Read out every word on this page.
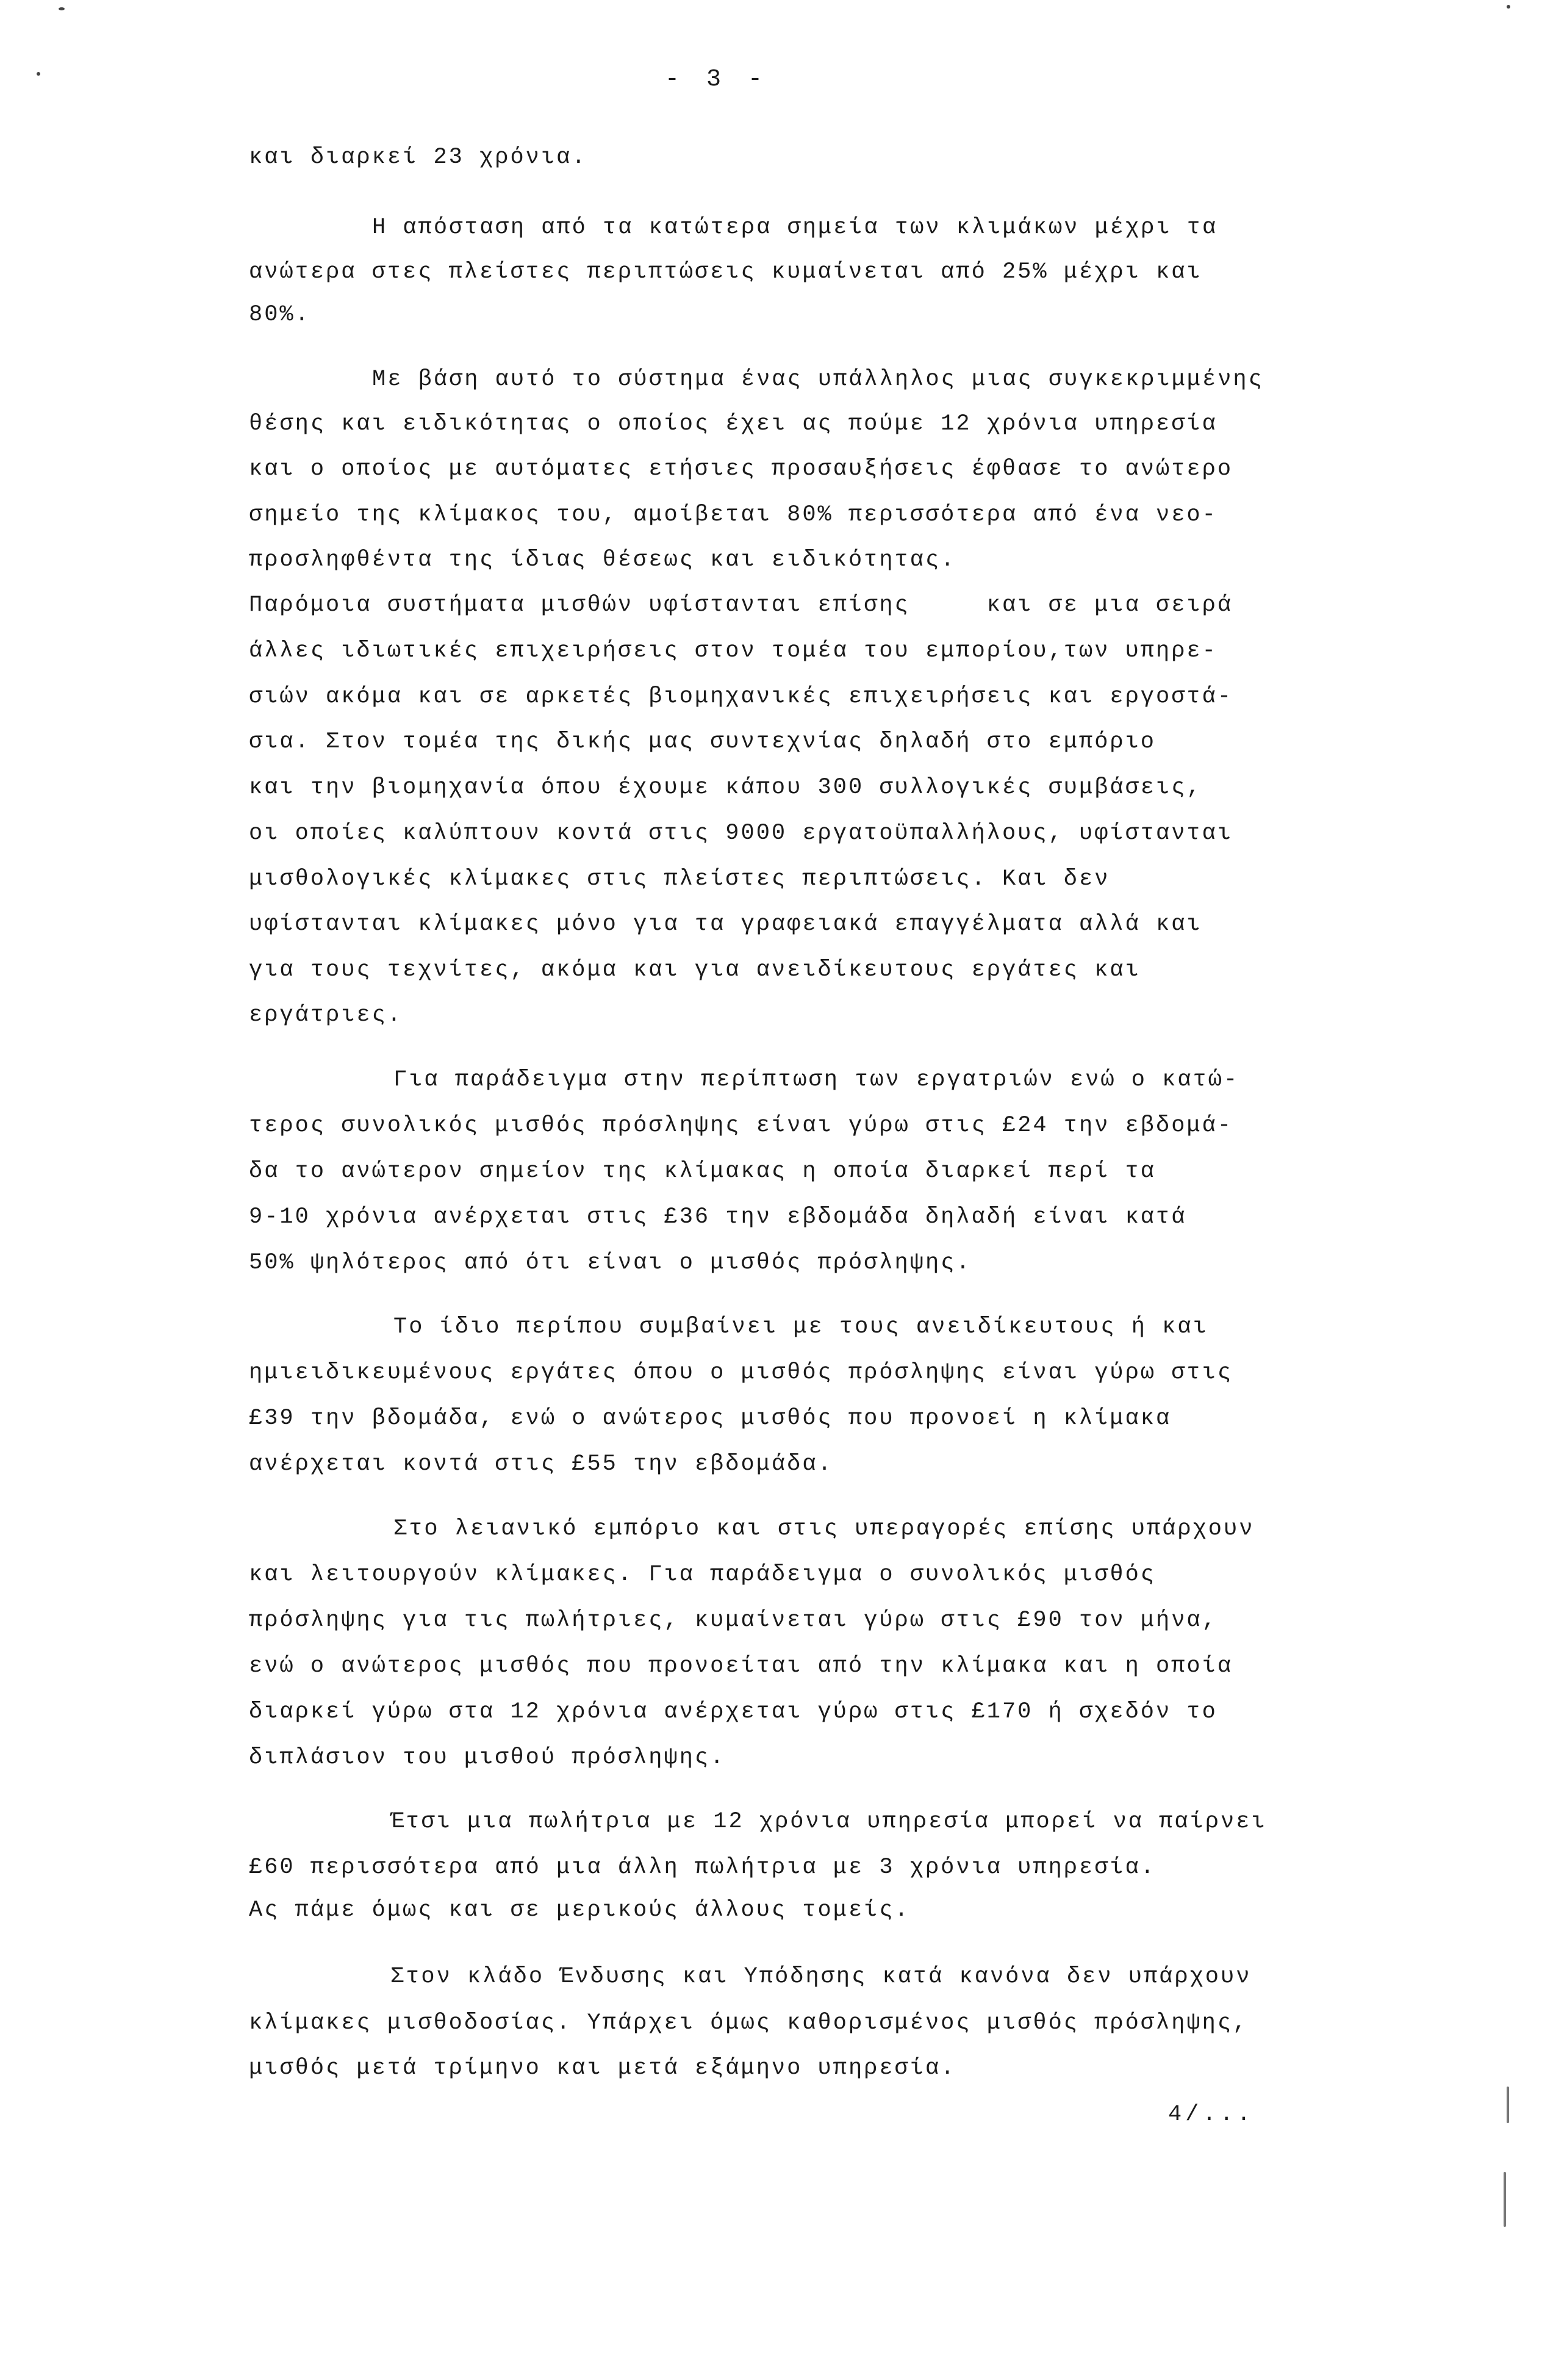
- 3 -
και διαρκεί 23 χρόνια.
Η απόσταση από τα κατώτερα σημεία των κλιμάκων μέχρι τα
ανώτερα στες πλείστες περιπτώσεις κυμαίνεται από 25% μέχρι και
80%.
Με βάση αυτό το σύστημα ένας υπάλληλος μιας συγκεκριμμένης
θέσης και ειδικότητας ο οποίος έχει ας πούμε 12 χρόνια υπηρεσία
και ο οποίος με αυτόματες ετήσιες προσαυξήσεις έφθασε το ανώτερο
σημείο της κλίμακος του, αμοίβεται 80% περισσότερα από ένα νεο-
προσληφθέντα της ίδιας θέσεως και ειδικότητας.
Παρόμοια συστήματα μισθών υφίστανται επίσης     και σε μια σειρά
άλλες ιδιωτικές επιχειρήσεις στον τομέα του εμπορίου,των υπηρε-
σιών ακόμα και σε αρκετές βιομηχανικές επιχειρήσεις και εργοστά-
σια. Στον τομέα της δικής μας συντεχνίας δηλαδή στο εμπόριο
και την βιομηχανία όπου έχουμε κάπου 300 συλλογικές συμβάσεις,
οι οποίες καλύπτουν κοντά στις 9000 εργατοϋπαλλήλους, υφίστανται
μισθολογικές κλίμακες στις πλείστες περιπτώσεις. Και δεν
υφίστανται κλίμακες μόνο για τα γραφειακά επαγγέλματα αλλά και
για τους τεχνίτες, ακόμα και για ανειδίκευτους εργάτες και
εργάτριες.
Για παράδειγμα στην περίπτωση των εργατριών ενώ ο κατώ-
τερος συνολικός μισθός πρόσληψης είναι γύρω στις £24 την εβδομά-
δα το ανώτερον σημείον της κλίμακας η οποία διαρκεί περί τα
9-10 χρόνια ανέρχεται στις £36 την εβδομάδα δηλαδή είναι κατά
50% ψηλότερος από ότι είναι ο μισθός πρόσληψης.
Το ίδιο περίπου συμβαίνει με τους ανειδίκευτους ή και
ημιειδικευμένους εργάτες όπου ο μισθός πρόσληψης είναι γύρω στις
£39 την βδομάδα, ενώ ο ανώτερος μισθός που προνοεί η κλίμακα
ανέρχεται κοντά στις £55 την εβδομάδα.
Στο λειανικό εμπόριο και στις υπεραγορές επίσης υπάρχουν
και λειτουργούν κλίμακες. Για παράδειγμα ο συνολικός μισθός
πρόσληψης για τις πωλήτριες, κυμαίνεται γύρω στις £90 τον μήνα,
ενώ ο ανώτερος μισθός που προνοείται από την κλίμακα και η οποία
διαρκεί γύρω στα 12 χρόνια ανέρχεται γύρω στις £170 ή σχεδόν το
διπλάσιον του μισθού πρόσληψης.
Έτσι μια πωλήτρια με 12 χρόνια υπηρεσία μπορεί να παίρνει
£60 περισσότερα από μια άλλη πωλήτρια με 3 χρόνια υπηρεσία.
Ας πάμε όμως και σε μερικούς άλλους τομείς.
Στον κλάδο Ένδυσης και Υπόδησης κατά κανόνα δεν υπάρχουν
κλίμακες μισθοδοσίας. Υπάρχει όμως καθορισμένος μισθός πρόσληψης,
μισθός μετά τρίμηνο και μετά εξάμηνο υπηρεσία.
4/...
